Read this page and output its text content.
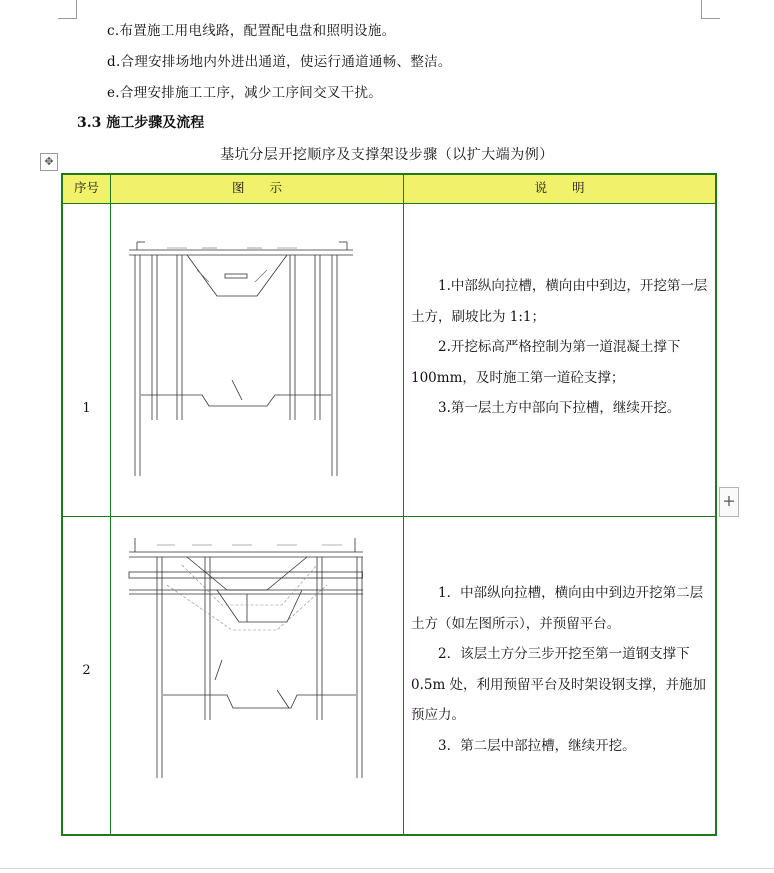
c.布置施工用电线路，配置配电盘和照明设施。
d.合理安排场地内外进出通道，使运行通道通畅、整洁。
e.合理安排施工工序，减少工序间交叉干扰。
3.3 施工步骤及流程
基坑分层开挖顺序及支撑架设步骤（以扩大端为例）
✥
序号	图　　示	说　　明
1
2

1.中部纵向拉槽，横向由中到边，开挖第一层土方，刷坡比为 1:1；

2.开挖标高严格控制为第一道混凝土撑下 100mm，及时施工第一道砼支撑；

3.第一层土方中部向下拉槽，继续开挖。

1．中部纵向拉槽，横向由中到边开挖第二层土方（如左图所示），并预留平台。

2．该层土方分三步开挖至第一道钢支撑下 0.5m 处，利用预留平台及时架设钢支撑，并施加预应力。

3．第二层中部拉槽，继续开挖。

+
